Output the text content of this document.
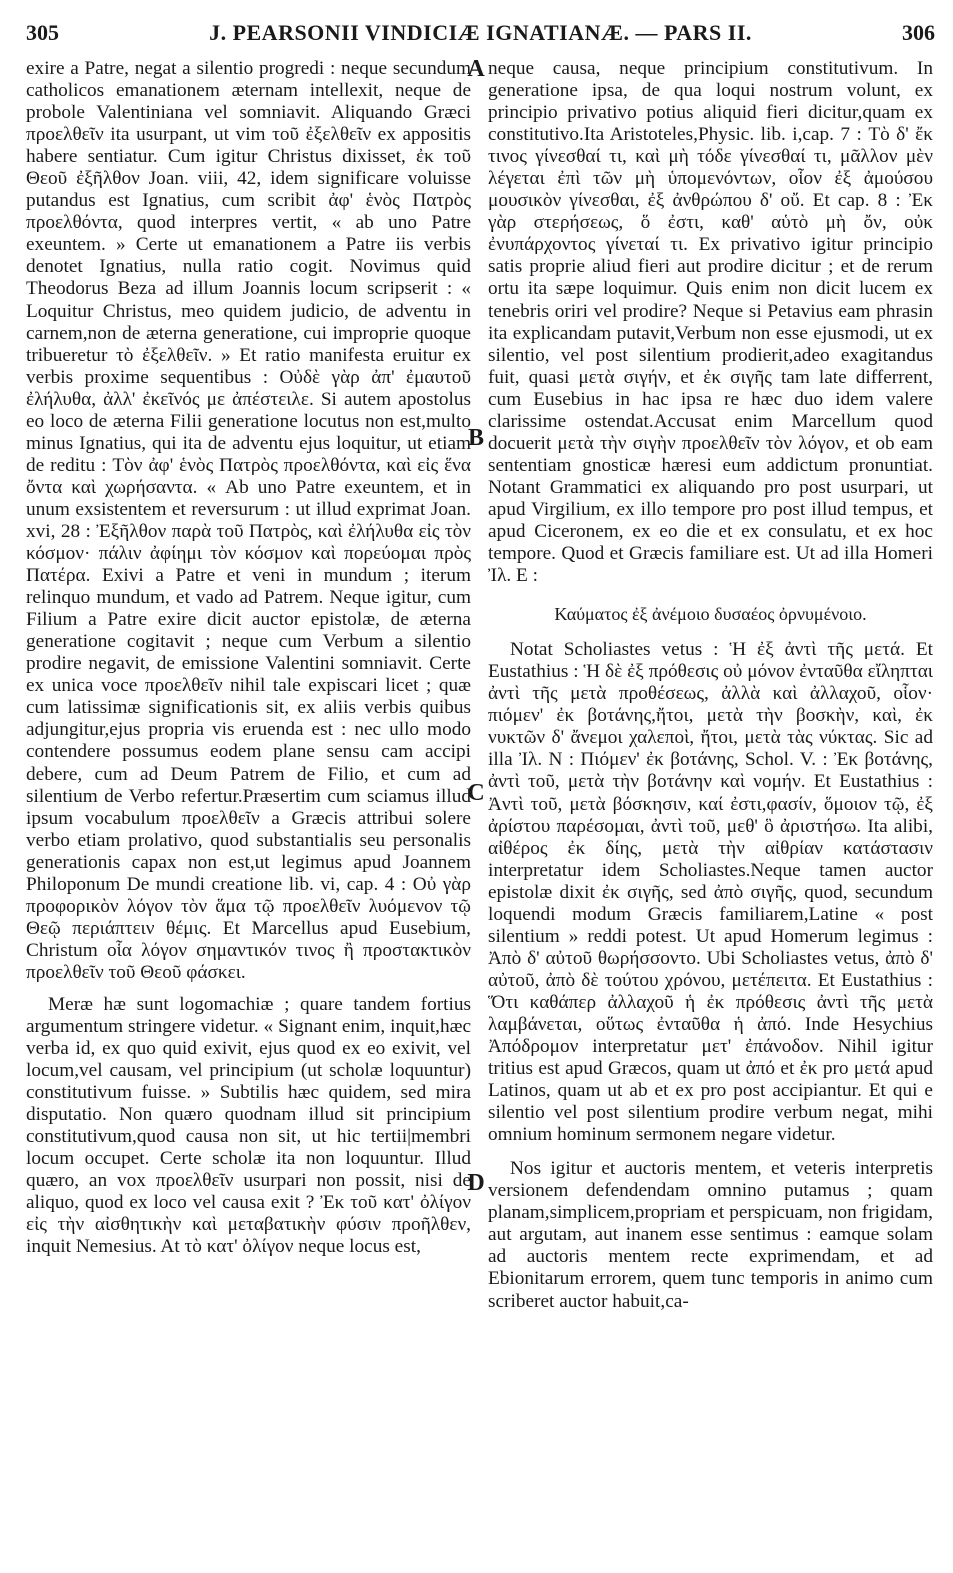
305	J. PEARSONII VINDICIÆ IGNATIANÆ. — PARS II.	306

exire a Patre, negat a silentio progredi : neque secundum catholicos emanationem æternam intellexit, neque de probole Valentiniana vel somniavit. Aliquando Græci προελθεῖν ita usurpant, ut vim τοῦ ἐξελθεῖν ex appositis habere sentiatur. Cum igitur Christus dixisset, ἐκ τοῦ Θεοῦ ἐξῆλθον Joan. viii, 42, idem significare voluisse putandus est Ignatius, cum scribit ἀφ' ἑνὸς Πατρὸς προελθόντα, quod interpres vertit, « ab uno Patre exeuntem. » Certe ut emanationem a Patre iis verbis denotet Ignatius, nulla ratio cogit. Novimus quid Theodorus Beza ad illum Joannis locum scripserit : « Loquitur Christus, meo quidem judicio, de adventu in carnem,non de æterna generatione, cui improprie quoque tribueretur τὸ ἐξελθεῖν. » Et ratio manifesta eruitur ex verbis proxime sequentibus : Οὐδὲ γὰρ ἀπ' ἐμαυτοῦ ἐλήλυθα, ἀλλ' ἐκεῖνός με ἀπέστειλε. Si autem apostolus eo loco de æterna Filii generatione locutus non est,multo minus Ignatius, qui ita de adventu ejus loquitur, ut etiam de reditu : Τὸν ἀφ' ἑνὸς Πατρὸς προελθόντα, καὶ εἰς ἕνα ὄντα καὶ χωρήσαντα. « Ab uno Patre exeuntem, et in unum exsistentem et reversurum : ut illud exprimat Joan. xvi, 28 : Ἐξῆλθον παρὰ τοῦ Πατρὸς, καὶ ἐλήλυθα εἰς τὸν κόσμον· πάλιν ἀφίημι τὸν κόσμον καὶ πορεύομαι πρὸς Πατέρα. Exivi a Patre et veni in mundum ; iterum relinquo mundum, et vado ad Patrem. Neque igitur, cum Filium a Patre exire dicit auctor epistolæ, de æterna generatione cogitavit ; neque cum Verbum a silentio prodire negavit, de emissione Valentini somniavit. Certe ex unica voce προελθεῖν nihil tale expiscari licet ; quæ cum latissimæ significationis sit, ex aliis verbis quibus adjungitur,ejus propria vis eruenda est : nec ullo modo contendere possumus eodem plane sensu cam accipi debere, cum ad Deum Patrem de Filio, et cum ad silentium de Verbo refertur.Præsertim cum sciamus illud ipsum vocabulum προελθεῖν a Græcis attribui solere verbo etiam prolativo, quod substantialis seu personalis generationis capax non est,ut legimus apud Joannem Philoponum De mundi creatione lib. vi, cap. 4 : Οὐ γὰρ προφορικὸν λόγον τὸν ἅμα τῷ προελθεῖν λυόμενον τῷ Θεῷ περιάπτειν θέμις. Et Marcellus apud Eusebium, Christum οἷα λόγον σημαντικόν τινος ἢ προστακτικὸν προελθεῖν τοῦ Θεοῦ φάσκει.

Meræ hæ sunt logomachiæ ; quare tandem fortius argumentum stringere videtur. « Signant enim, inquit,hæc verba id, ex quo quid exivit, ejus quod ex eo exivit, vel locum,vel causam, vel principium (ut scholæ loquuntur) constitutivum fuisse. » Subtilis hæc quidem, sed mira disputatio. Non quæro quodnam illud sit principium constitutivum,quod causa non sit, ut hic tertii|membri locum occupet. Certe scholæ ita non loquuntur. Illud quæro, an vox προελθεῖν usurpari non possit, nisi de aliquo, quod ex loco vel causa exit ? Ἐκ τοῦ κατ' ὀλίγον εἰς τὴν αἰσθητικὴν καὶ μεταβατικὴν φύσιν προῆλθεν, inquit Nemesius. At τὸ κατ' ὀλίγον neque locus est,

neque causa, neque principium constitutivum. In generatione ipsa, de qua loqui nostrum volunt, ex principio privativo potius aliquid fieri dicitur,quam ex constitutivo.Ita Aristoteles,Physic. lib. i,cap. 7 : Τὸ δ' ἔκ τινος γίνεσθαί τι, καὶ μὴ τόδε γίνεσθαί τι, μᾶλλον μὲν λέγεται ἐπὶ τῶν μὴ ὑπομενόντων, οἷον ἐξ ἀμούσου μουσικὸν γίνεσθαι, ἐξ ἀνθρώπου δ' οὔ. Et cap. 8 : Ἐκ γὰρ στερήσεως, ὅ ἐστι, καθ' αὑτὸ μὴ ὄν, οὐκ ἐνυπάρχοντος γίνεταί τι. Ex privativo igitur principio satis proprie aliud fieri aut prodire dicitur ; et de rerum ortu ita sæpe loquimur. Quis enim non dicit lucem ex tenebris oriri vel prodire? Neque si Petavius eam phrasin ita explicandam putavit,Verbum non esse ejusmodi, ut ex silentio, vel post silentium prodierit,adeo exagitandus fuit, quasi μετὰ σιγήν, et ἐκ σιγῆς tam late differrent, cum Eusebius in hac ipsa re hæc duo idem valere clarissime ostendat.Accusat enim Marcellum quod docuerit μετὰ τὴν σιγὴν προελθεῖν τὸν λόγον, et ob eam sententiam gnosticæ hæresi eum addictum pronuntiat. Notant Grammatici ex aliquando pro post usurpari, ut apud Virgilium, ex illo tempore pro post illud tempus, et apud Ciceronem, ex eo die et ex consulatu, et ex hoc tempore. Quod et Græcis familiare est. Ut ad illa Homeri Ἰλ. E :

Καύματος ἐξ ἀνέμοιο δυσαέος ὀρνυμένοιο.

Notat Scholiastes vetus : Ἡ ἐξ ἀντὶ τῆς μετά. Et Eustathius : Ἡ δὲ ἐξ πρόθεσις οὐ μόνον ἐνταῦθα εἴληπται ἀντὶ τῆς μετὰ προθέσεως, ἀλλὰ καὶ ἀλλαχοῦ, οἷον· πιόμεν' ἐκ βοτάνης,ἤτοι, μετὰ τὴν βοσκὴν, καὶ, ἐκ νυκτῶν δ' ἄνεμοι χαλεποὶ, ἤτοι, μετὰ τὰς νύκτας. Sic ad illa Ἰλ. N : Πιόμεν' ἐκ βοτάνης, Schol. V. : Ἐκ βοτάνης, ἀντὶ τοῦ, μετὰ τὴν βοτάνην καὶ νομήν. Et Eustathius : Ἀντὶ τοῦ, μετὰ βόσκησιν, καί ἐστι,φασίν, ὅμοιον τῷ, ἐξ ἀρίστου παρέσομαι, ἀντὶ τοῦ, μεθ' ὃ ἀριστήσω. Ita alibi, αἰθέρος ἐκ δίης, μετὰ τὴν αἰθρίαν κατάστασιν interpretatur idem Scholiastes.Neque tamen auctor epistolæ dixit ἐκ σιγῆς, sed ἀπὸ σιγῆς, quod, secundum loquendi modum Græcis familiarem,Latine « post silentium » reddi potest. Ut apud Homerum legimus : Ἀπὸ δ' αὐτοῦ θωρήσσοντο. Ubi Scholiastes vetus, ἀπὸ δ' αὐτοῦ, ἀπὸ δὲ τούτου χρόνου, μετέπειτα. Et Eustathius : Ὅτι καθάπερ ἀλλαχοῦ ἡ ἐκ πρόθεσις ἀντὶ τῆς μετὰ λαμβάνεται, οὕτως ἐνταῦθα ἡ ἀπό. Inde Hesychius Ἀπόδρομον interpretatur μετ' ἐπάνοδον. Nihil igitur tritius est apud Græcos, quam ut ἀπό et ἐκ pro μετά apud Latinos, quam ut ab et ex pro post accipiantur. Et qui e silentio vel post silentium prodire verbum negat, mihi omnium hominum sermonem negare videtur.

Nos igitur et auctoris mentem, et veteris interpretis versionem defendendam omnino putamus ; quam planam,simplicem,propriam et perspicuam, non frigidam, aut argutam, aut inanem esse sentimus : eamque solam ad auctoris mentem recte exprimendam, et ad Ebionitarum errorem, quem tunc temporis in animo cum scriberet auctor habuit,ca-

A
B
C
D
